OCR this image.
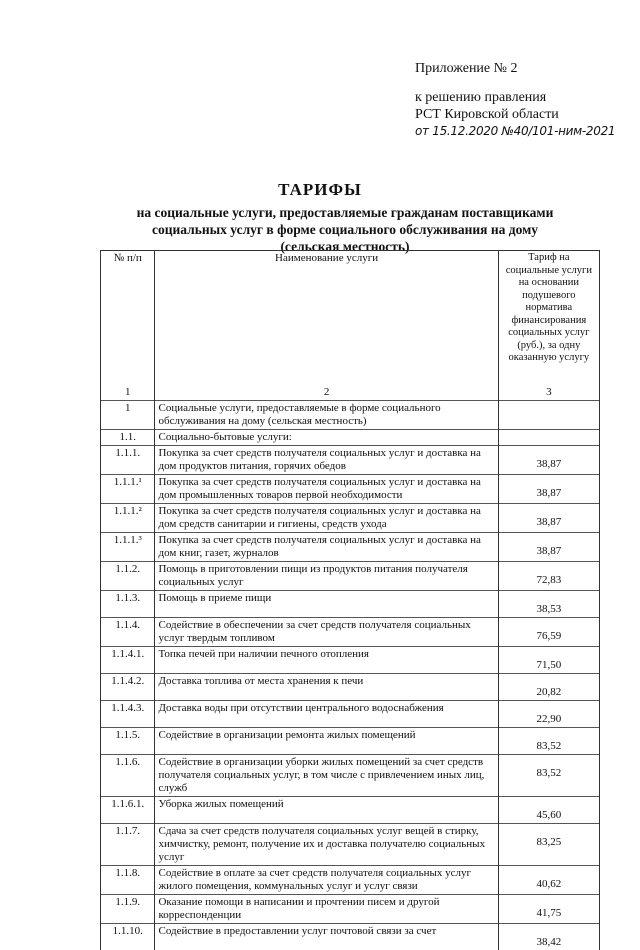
Приложение № 2
к решению правления
РСТ Кировской области
от 15.12.2020 №40/101-ним-2021
ТАРИФЫ
на социальные услуги, предоставляемые гражданам поставщиками
социальных услуг в форме социального обслуживания на дому
(сельская местность)
№ п/п	Наименование услуги	Тариф на социальные услуги на основании подушевого норматива финансирования социальных услуг (руб.), за одну оказанную услугу
1	2	3
1	Социальные услуги, предоставляемые в форме социального обслуживания на дому (сельская местность)	
1.1.	Социально-бытовые услуги:	
1.1.1.	Покупка за счет средств получателя социальных услуг и доставка на дом продуктов питания, горячих обедов	38,87
1.1.1.¹	Покупка за счет средств получателя социальных услуг и доставка на дом промышленных товаров первой необходимости	38,87
1.1.1.²	Покупка за счет средств получателя социальных услуг и доставка на дом средств санитарии и гигиены, средств ухода	38,87
1.1.1.³	Покупка за счет средств получателя социальных услуг и доставка на дом книг, газет, журналов	38,87
1.1.2.	Помощь в приготовлении пищи из продуктов питания получателя социальных услуг	72,83
1.1.3.	Помощь в приеме пищи	38,53
1.1.4.	Содействие в обеспечении за счет средств получателя социальных услуг твердым топливом	76,59
1.1.4.1.	Топка печей при наличии печного отопления	71,50
1.1.4.2.	Доставка топлива от места хранения к печи	20,82
1.1.4.3.	Доставка воды при отсутствии центрального водоснабжения	22,90
1.1.5.	Содействие в организации ремонта жилых помещений	83,52
1.1.6.	Содействие в организации уборки жилых помещений за счет средств получателя социальных услуг, в том числе с привлечением иных лиц, служб	83,52
1.1.6.1.	Уборка жилых помещений	45,60
1.1.7.	Сдача за счет средств получателя социальных услуг вещей в стирку, химчистку, ремонт, получение их и доставка получателю социальных услуг	83,25
1.1.8.	Содействие в оплате за счет средств получателя социальных услуг жилого помещения, коммунальных услуг и услуг связи	40,62
1.1.9.	Оказание помощи в написании и прочтении писем и другой корреспонденции	41,75
1.1.10.	Содействие в предоставлении услуг почтовой связи за счет	38,42
